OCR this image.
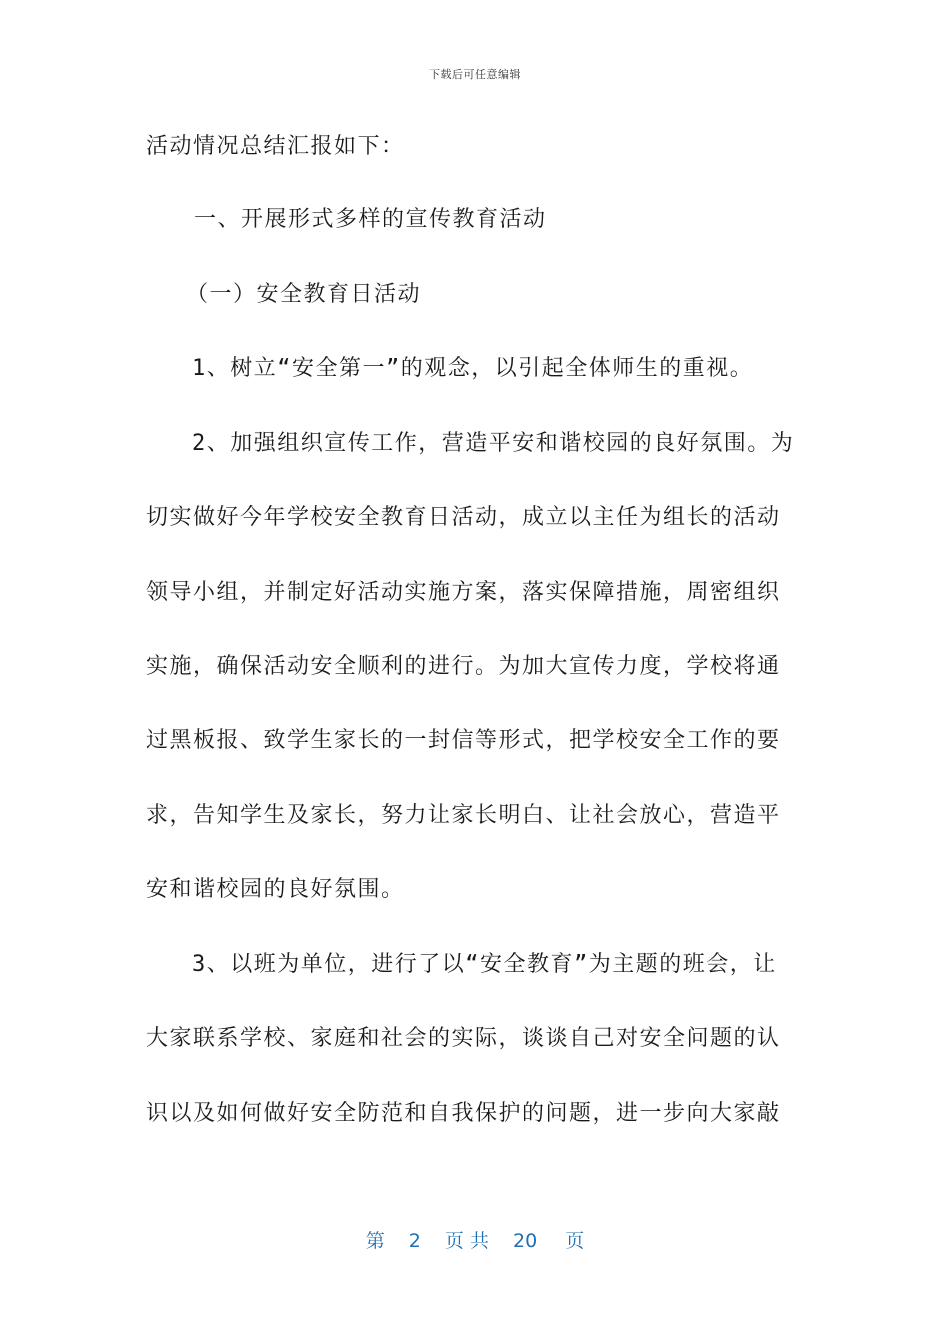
下载后可任意编辑
活动情况总结汇报如下：
一、开展形式多样的宣传教育活动
（一）安全教育日活动
1、树立“安全第一”的观念，以引起全体师生的重视。
2、加强组织宣传工作，营造平安和谐校园的良好氛围。为
切实做好今年学校安全教育日活动，成立以主任为组长的活动
领导小组，并制定好活动实施方案，落实保障措施，周密组织
实施，确保活动安全顺利的进行。为加大宣传力度，学校将通
过黑板报、致学生家长的一封信等形式，把学校安全工作的要
求，告知学生及家长，努力让家长明白、让社会放心，营造平
安和谐校园的良好氛围。
3、以班为单位，进行了以“安全教育”为主题的班会，让
大家联系学校、家庭和社会的实际，谈谈自己对安全问题的认
识以及如何做好安全防范和自我保护的问题，进一步向大家敲
第 2 页 共 20 页
